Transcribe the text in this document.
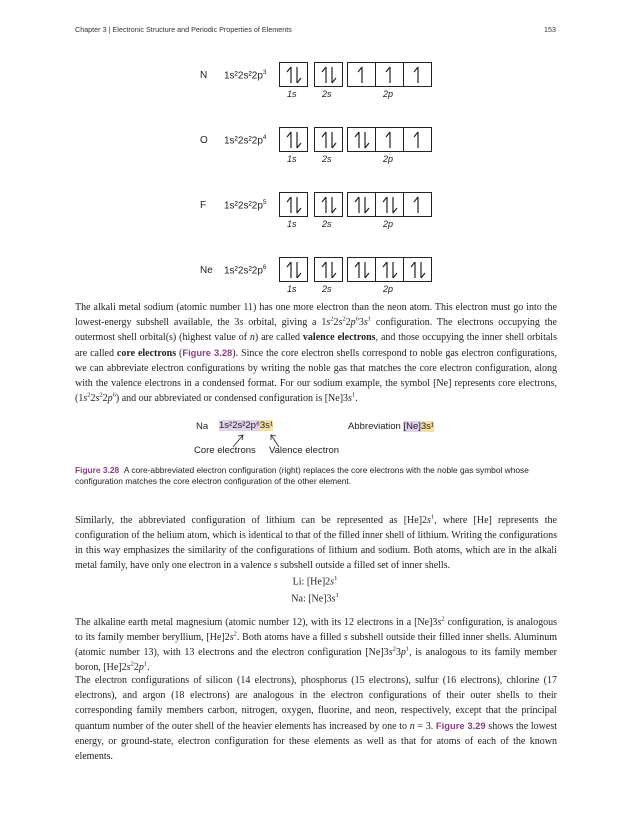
Chapter 3 | Electronic Structure and Periodic Properties of Elements	153
N $1s^22s^22p^3$
1s	2s	2p
O $1s^22s^22p^4$
1s	2s	2p
F $1s^22s^22p^5$
1s	2s	2p
Ne $1s^22s^22p^6$
1s	2s	2p
The alkali metal sodium (atomic number 11) has one more electron than the neon atom. This electron must go into the lowest-energy subshell available, the 3s orbital, giving a $1s^22s^22p^63s^1$ configuration. The electrons occupying the outermost shell orbital(s) (highest value of n) are called valence electrons, and those occupying the inner shell orbitals are called core electrons (Figure 3.28). Since the core electron shells correspond to noble gas electron configurations, we can abbreviate electron configurations by writing the noble gas that matches the core electron configuration, along with the valence electrons in a condensed format. For our sodium example, the symbol [Ne] represents core electrons, $(1s^22s^22p^6)$ and our abbreviated or condensed configuration is $[Ne]3s^1$.
Na 1s²2s²2p⁶3s¹	Abbreviation [Ne]3s¹
Core electrons Valence electron
Figure 3.28 A core-abbreviated electron configuration (right) replaces the core electrons with the noble gas symbol whose configuration matches the core electron configuration of the other element.
Similarly, the abbreviated configuration of lithium can be represented as $[He]2s^1$, where [He] represents the configuration of the helium atom, which is identical to that of the filled inner shell of lithium. Writing the configurations in this way emphasizes the similarity of the configurations of lithium and sodium. Both atoms, which are in the alkali metal family, have only one electron in a valence s subshell outside a filled set of inner shells.
Li: $[He]2s^1$
Na: $[Ne]3s^1$
The alkaline earth metal magnesium (atomic number 12), with its 12 electrons in a $[Ne]3s^2$ configuration, is analogous to its family member beryllium, $[He]2s^2$. Both atoms have a filled s subshell outside their filled inner shells. Aluminum (atomic number 13), with 13 electrons and the electron configuration $[Ne]3s^23p^1$, is analogous to its family member boron, $[He]2s^22p^1$.
The electron configurations of silicon (14 electrons), phosphorus (15 electrons), sulfur (16 electrons), chlorine (17 electrons), and argon (18 electrons) are analogous in the electron configurations of their outer shells to their corresponding family members carbon, nitrogen, oxygen, fluorine, and neon, respectively, except that the principal quantum number of the outer shell of the heavier elements has increased by one to n = 3. Figure 3.29 shows the lowest energy, or ground-state, electron configuration for these elements as well as that for atoms of each of the known elements.
